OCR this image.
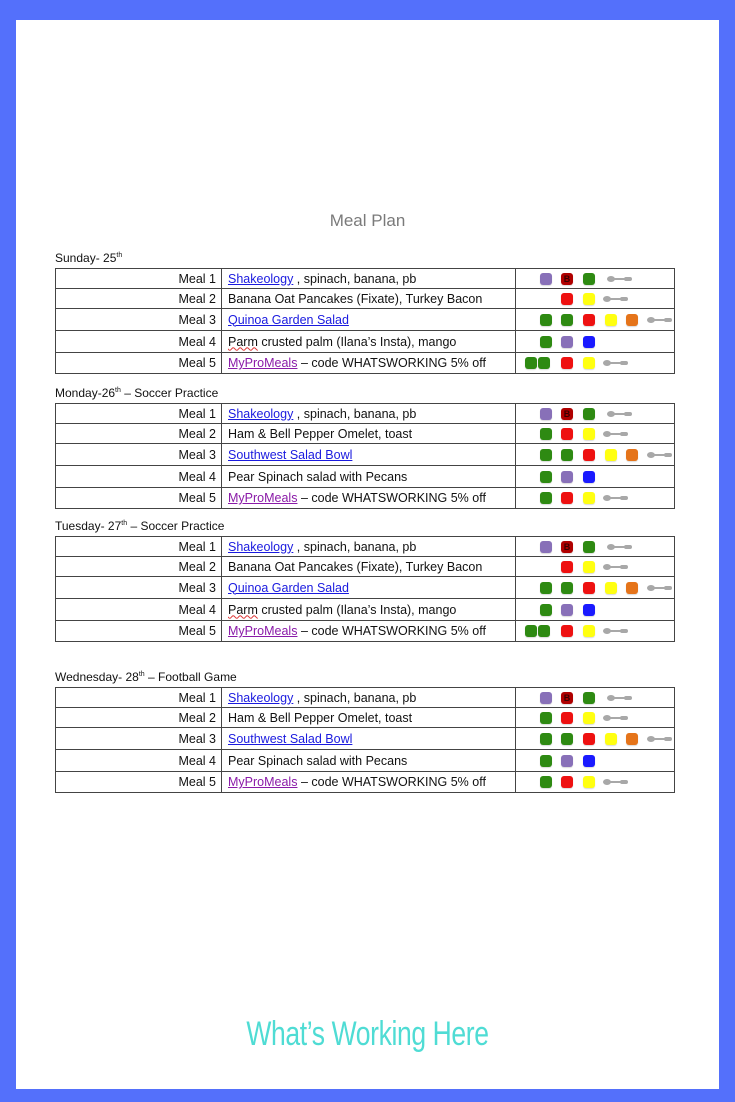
Meal Plan
Sunday- 25th
Meal 1	Shakeology , spinach, banana, pb	B

Meal 2	Banana Oat Pancakes (Fixate), Turkey Bacon	

Meal 3	Quinoa Garden Salad	

Meal 4	Parm crusted palm (Ilana’s Insta), mango	

Meal 5	MyProMeals – code WHATSWORKING 5% off	
Monday-26th – Soccer Practice
Meal 1	Shakeology , spinach, banana, pb	B

Meal 2	Ham & Bell Pepper Omelet, toast	

Meal 3	Southwest Salad Bowl	

Meal 4	Pear Spinach salad with Pecans	

Meal 5	MyProMeals – code WHATSWORKING 5% off	
Tuesday- 27th – Soccer Practice
Meal 1	Shakeology , spinach, banana, pb	B

Meal 2	Banana Oat Pancakes (Fixate), Turkey Bacon	

Meal 3	Quinoa Garden Salad	

Meal 4	Parm crusted palm (Ilana’s Insta), mango	

Meal 5	MyProMeals – code WHATSWORKING 5% off	
Wednesday- 28th – Football Game
Meal 1	Shakeology , spinach, banana, pb	B

Meal 2	Ham & Bell Pepper Omelet, toast	

Meal 3	Southwest Salad Bowl	

Meal 4	Pear Spinach salad with Pecans	

Meal 5	MyProMeals – code WHATSWORKING 5% off	
What’s Working Here
